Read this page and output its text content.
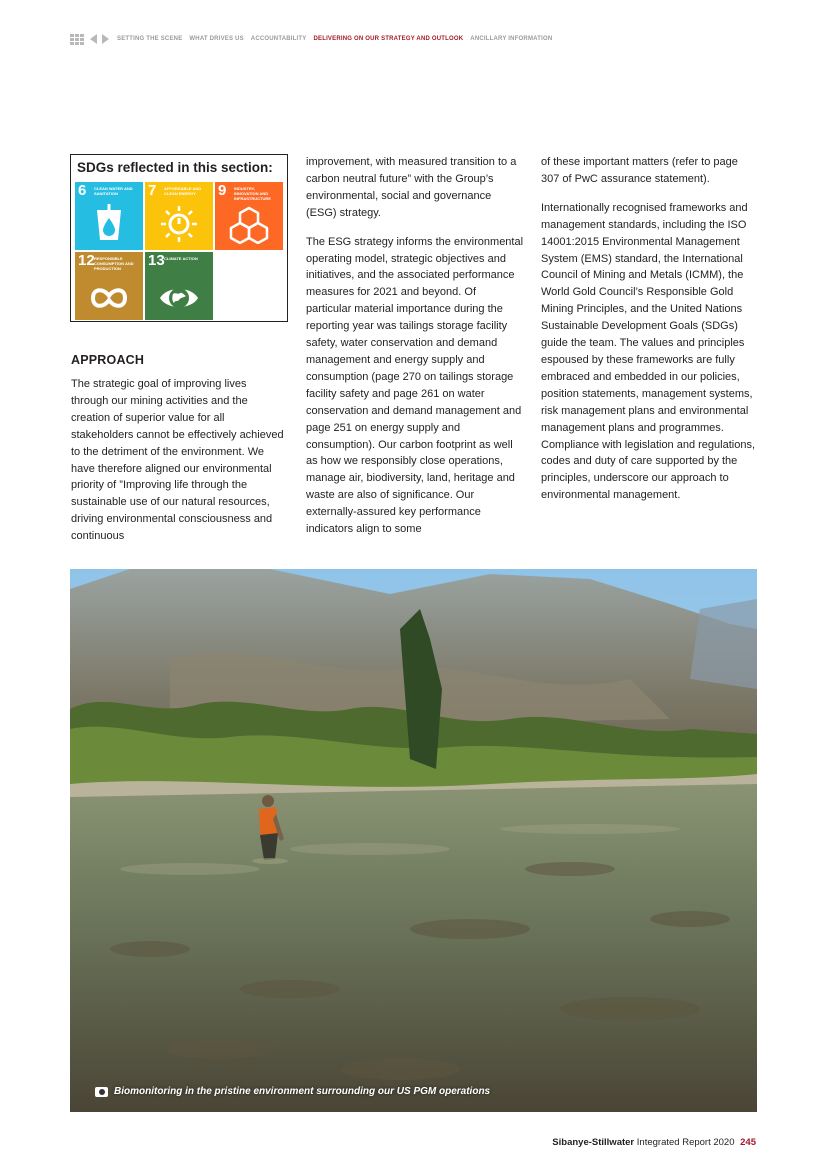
SETTING THE SCENE WHAT DRIVES US ACCOUNTABILITY DELIVERING ON OUR STRATEGY AND OUTLOOK ANCILLARY INFORMATION
SDGs reflected in this section:
6 CLEAN WATER AND SANITATION	7 AFFORDABLE AND CLEAN ENERGY	9 INDUSTRY, INNOVATION AND INFRASTRUCTURE
12 RESPONSIBLE CONSUMPTION AND PRODUCTION	13 CLIMATE ACTION
APPROACH

The strategic goal of improving lives through our mining activities and the creation of superior value for all stakeholders cannot be effectively achieved to the detriment of the environment. We have therefore aligned our environmental priority of ”Improving life through the sustainable use of our natural resources, driving environmental consciousness and continuous

improvement, with measured transition to a carbon neutral future” with the Group’s environmental, social and governance (ESG) strategy.

The ESG strategy informs the environmental operating model, strategic objectives and initiatives, and the associated performance measures for 2021 and beyond. Of particular material importance during the reporting year was tailings storage facility safety, water conservation and demand management and energy supply and consumption (page 270 on tailings storage facility safety and page 261 on water conservation and demand management and page 251 on energy supply and consumption). Our carbon footprint as well as how we responsibly close operations, manage air, biodiversity, land, heritage and waste are also of significance. Our externally-assured key performance indicators align to some

of these important matters (refer to page 307 of PwC assurance statement).

Internationally recognised frameworks and management standards, including the ISO 14001:2015 Environmental Management System (EMS) standard, the International Council of Mining and Metals (ICMM), the World Gold Council’s Responsible Gold Mining Principles, and the United Nations Sustainable Development Goals (SDGs) guide the team. The values and principles espoused by these frameworks are fully embraced and embedded in our policies, position statements, management systems, risk management plans and environmental management plans and programmes. Compliance with legislation and regulations, codes and duty of care supported by the principles, underscore our approach to environmental management.

Biomonitoring in the pristine environment surrounding our US PGM operations
Sibanye-Stillwater Integrated Report 2020 245
